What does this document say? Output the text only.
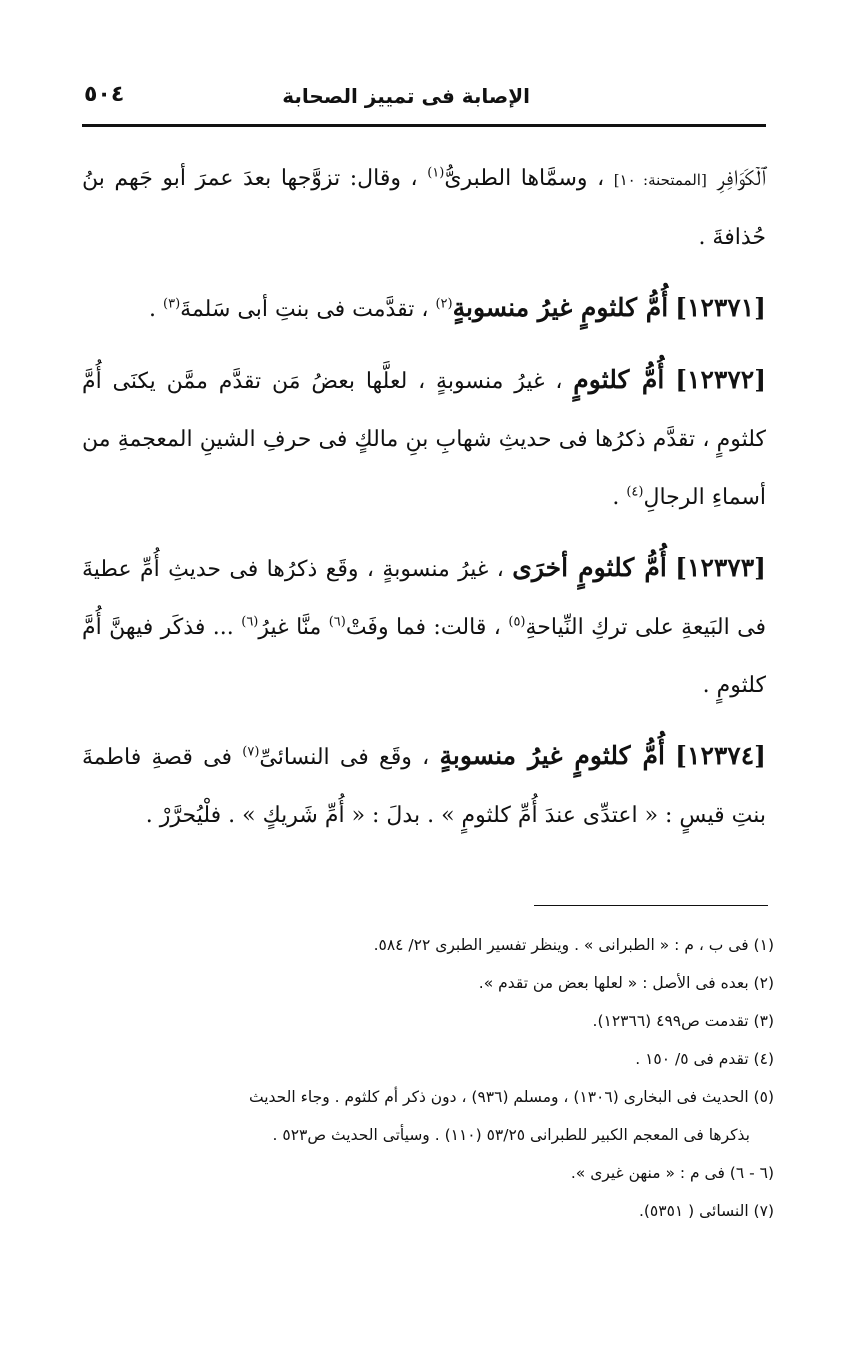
الإصابة فى تمييز الصحابة
٥٠٤

ﭐﻟۡﻜَﻮَاﻓِﺮِ [الممتحنة: ١٠] ، وسمَّاها الطبرىُّ$^{(١)}$ ، وقال: تزوَّجها بعدَ عمرَ أبو جَهم بنُ حُذافةَ .

[١٢٣٧١] أُمُّ كلثومٍ غيرُ منسوبةٍ$^{(٢)}$ ، تقدَّمت فى بنتِ أبى سَلمةَ$^{(٣)}$ .

[١٢٣٧٢] أُمُّ كلثومٍ ، غيرُ منسوبةٍ ، لعلَّها بعضُ مَن تقدَّم ممَّن يكنَى أُمَّ كلثومٍ ، تقدَّم ذكرُها فى حديثِ شهابِ بنِ مالكٍ فى حرفِ الشينِ المعجمةِ من أسماءِ الرجالِ$^{(٤)}$ .

[١٢٣٧٣] أُمُّ كلثومٍ أخرَى ، غيرُ منسوبةٍ ، وقَع ذكرُها فى حديثِ أُمِّ عطيةَ فى البَيعةِ على تركِ النِّياحةِ$^{(٥)}$ ، قالت: فما وفَتْ$^{(٦)}$ منَّا غيرُ$^{(٦)}$ ... فذكَر فيهنَّ أُمَّ كلثومٍ .

[١٢٣٧٤] أُمُّ كلثومٍ غيرُ منسوبةٍ ، وقَع فى النسائىِّ$^{(٧)}$ فى قصةِ فاطمةَ بنتِ قيسٍ : « اعتدِّى عندَ أُمِّ كلثومٍ » . بدلَ : « أُمِّ شَريكٍ » . فلْيُحرَّرْ .

(١) فى ب ، م : « الطبرانى » . وينظر تفسير الطبرى ٢٢/ ٥٨٤.

(٢) بعده فى الأصل : « لعلها بعض من تقدم ».

(٣) تقدمت ص٤٩٩ (١٢٣٦٦).

(٤) تقدم فى ٥/ ١٥٠ .

(٥) الحديث فى البخارى (١٣٠٦) ، ومسلم (٩٣٦) ، دون ذكر أم كلثوم . وجاء الحديث

بذكرها فى المعجم الكبير للطبرانى ٥٣/٢٥ (١١٠) . وسيأتى الحديث ص٥٢٣ .

(٦ - ٦) فى م : « منهن غيرى ».

(٧) النسائى ( ٥٣٥١).
